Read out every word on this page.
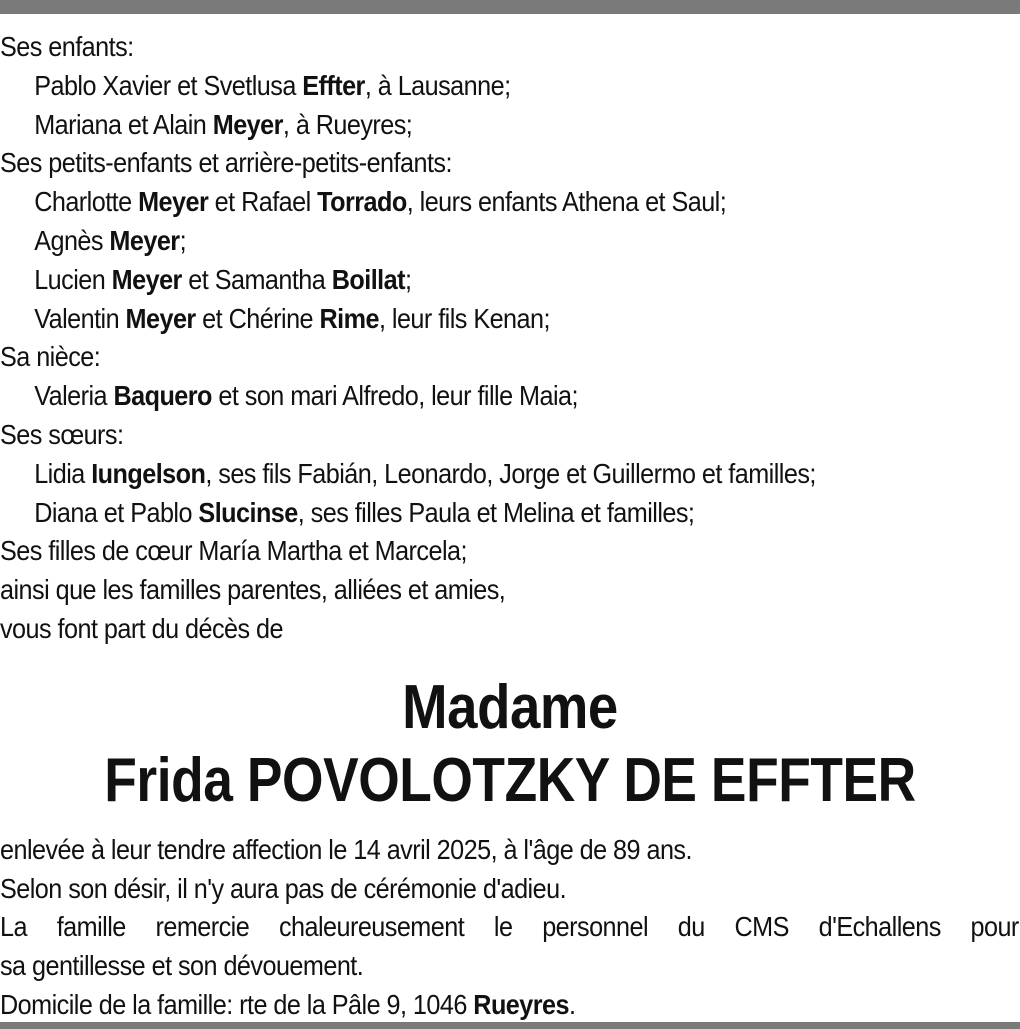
Ses enfants:
Pablo Xavier et Svetlusa Effter, à Lausanne;
Mariana et Alain Meyer, à Rueyres;
Ses petits-enfants et arrière-petits-enfants:
Charlotte Meyer et Rafael Torrado, leurs enfants Athena et Saul;
Agnès Meyer;
Lucien Meyer et Samantha Boillat;
Valentin Meyer et Chérine Rime, leur fils Kenan;
Sa nièce:
Valeria Baquero et son mari Alfredo, leur fille Maia;
Ses sœurs:
Lidia Iungelson, ses fils Fabián, Leonardo, Jorge et Guillermo et familles;
Diana et Pablo Slucinse, ses filles Paula et Melina et familles;
Ses filles de cœur María Martha et Marcela;
ainsi que les familles parentes, alliées et amies,
vous font part du décès de
Madame
Frida POVOLOTZKY DE EFFTER
enlevée à leur tendre affection le 14 avril 2025, à l'âge de 89 ans.
Selon son désir, il n'y aura pas de cérémonie d'adieu.
La famille remercie chaleureusement le personnel du CMS d'Echallens pour
sa gentillesse et son dévouement.
Domicile de la famille: rte de la Pâle 9, 1046 Rueyres.
